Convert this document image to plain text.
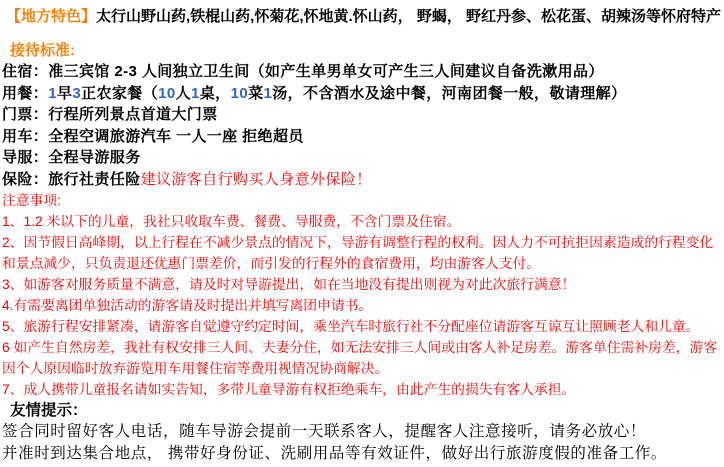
【地方特色】太行山野山药,铁棍山药,怀菊花,怀地黄.怀山药， 野蝎， 野红丹参、松花蛋、胡辣汤等怀府特产

接待标准:

住宿：准三宾馆 2-3 人间独立卫生间（如产生单男单女可产生三人间建议自备洗漱用品）

用餐：1早3正农家餐（10人1桌，10菜1汤，不含酒水及途中餐，河南团餐一般，敬请理解）

门票：行程所列景点首道大门票

用车：全程空调旅游汽车 一人一座 拒绝超员

导服：全程导游服务

保险：旅行社责任险建议游客自行购买人身意外保险！

注意事项:

1、1.2 米以下的儿童，我社只收取车费、餐费、导服费，不含门票及住宿。

2、因节假日高峰期，以上行程在不减少景点的情况下，导游有调整行程的权利。因人力不可抗拒因素造成的行程变化和景点减少，只负责退还优惠门票差价，而引发的行程外的食宿费用，均由游客人支付。

3、如游客对服务质量不满意，请及时对导游提出，如在当地没有提出则视为对此次旅行满意！

4.有需要离团单独活动的游客请及时提出并填写离团申请书。

5、旅游行程安排紧凑，请游客自觉遵守约定时间，乘坐汽车时旅行社不分配座位请游客互谅互让照顾老人和儿童。

6 如产生自然房差，我社有权安排三人间、夫妻分住，如无法安排三人间或由客人补足房差。游客单住需补房差，游客因个人原因临时放弃游览用车用餐住宿等费用视情况协商解决。

7、成人携带儿童报名请如实告知，多带儿童导游有权拒绝乘车，由此产生的损失有客人承担。

友情提示：

签合同时留好客人电话，随车导游会提前一天联系客人，提醒客人注意接听，请务必放心！

并准时到达集合地点， 携带好身份证、洗刷用品等有效证件，做好出行旅游度假的准备工作。
